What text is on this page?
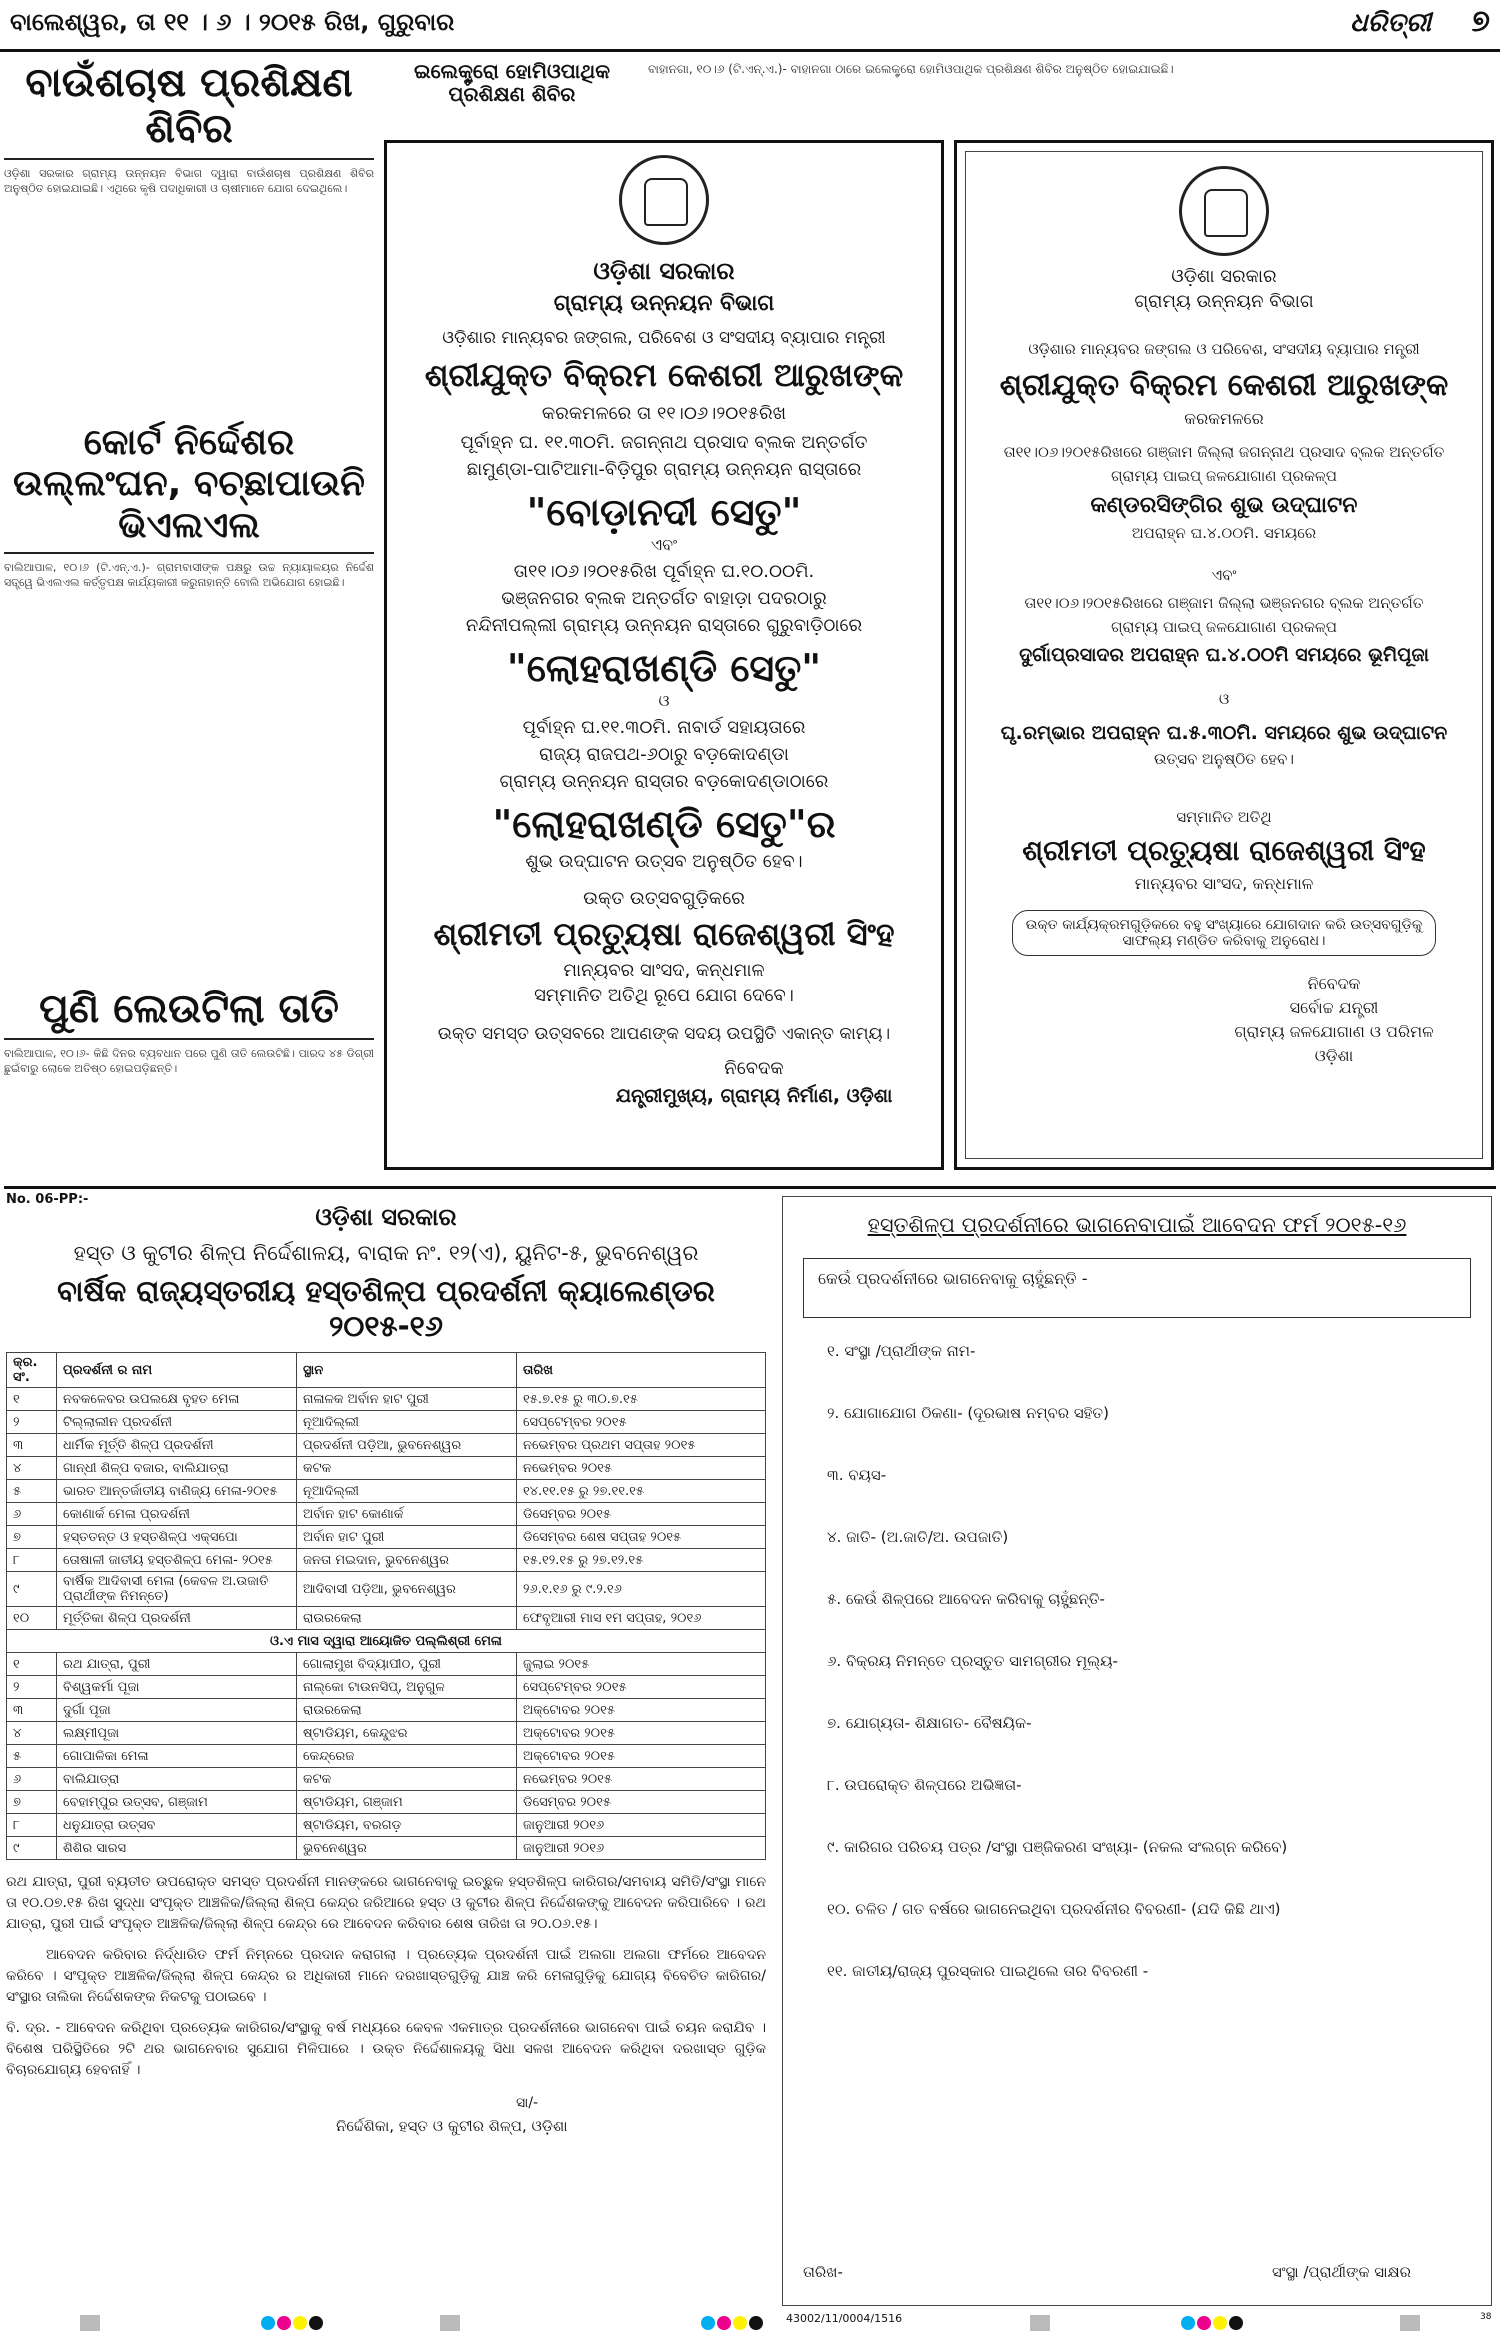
ବାଲେଶ୍ୱର, ତା ୧୧ । ୬ । ୨୦୧୫ ରିଖ, ଗୁରୁବାର	ଧରିତ୍ରୀ ୭
ବାଉଁଶଚାଷ ପ୍ରଶିକ୍ଷଣ ଶିବିର
ଓଡ଼ିଶା ସରକାର ଗ୍ରାମ୍ୟ ଉନ୍ନୟନ ବିଭାଗ ଦ୍ୱାରା ବାଉଁଶଚାଷ ପ୍ରଶିକ୍ଷଣ ଶିବିର ଅନୁଷ୍ଠିତ ହୋଇଯାଇଛି। ଏଥିରେ କୃଷି ପଦାଧିକାରୀ ଓ ଚାଷୀମାନେ ଯୋଗ ଦେଇଥିଲେ।
କୋର୍ଟ ନିର୍ଦ୍ଦେଶର ଉଲ୍ଲଂଘନ, ବଚ୍ଛାପାଉନି ଭିଏଲଏଲ
ବାଲିଆପାଳ, ୧୦।୬ (ଟି.ଏନ୍.ଏ.)- ଗ୍ରାମବାସୀଙ୍କ ପକ୍ଷରୁ ଉଚ୍ଚ ନ୍ୟାୟାଳୟର ନିର୍ଦ୍ଦେଶ ସତ୍ତ୍ୱେ ଭିଏଲଏଲ କର୍ତ୍ତୃପକ୍ଷ କାର୍ଯ୍ୟକାରୀ କରୁନାହାନ୍ତି ବୋଲି ଅଭିଯୋଗ ହୋଇଛି।
ପୁଣି ଲେଉଟିଲା ତାତି
ବାଲିଆପାଳ, ୧୦।୬- କିଛି ଦିନର ବ୍ୟବଧାନ ପରେ ପୁଣି ତାତି ଲେଉଟିଛି। ପାରଦ ୪୫ ଡିଗ୍ରୀ ଛୁଇଁବାରୁ ଲୋକେ ଅତିଷ୍ଠ ହୋଇପଡ଼ିଛନ୍ତି।
ଇଲେକ୍ଟ୍ରୋ ହୋମିଓପାଥିକ ପ୍ରଶିକ୍ଷଣ ଶିବିର
ବାହାନଗା, ୧୦।୬ (ଟି.ଏନ୍.ଏ.)- ବାହାନଗା ଠାରେ ଇଲେକ୍ଟ୍ରୋ ହୋମିଓପାଥିକ ପ୍ରଶିକ୍ଷଣ ଶିବିର ଅନୁଷ୍ଠିତ ହୋଇଯାଇଛି।
ଓଡ଼ିଶା ସରକାର
ଗ୍ରାମ୍ୟ ଉନ୍ନୟନ ବିଭାଗ
ଓଡ଼ିଶାର ମାନ୍ୟବର ଜଙ୍ଗଲ, ପରିବେଶ ଓ ସଂସଦୀୟ ବ୍ୟାପାର ମନ୍ତ୍ରୀ
ଶ୍ରୀଯୁକ୍ତ ବିକ୍ରମ କେଶରୀ ଆରୁଖଙ୍କ
କରକମଳରେ ତା ୧୧।୦୬।୨୦୧୫ରିଖ
ପୂର୍ବାହ୍ନ ଘ. ୧୧.୩୦ମି. ଜଗନ୍ନାଥ ପ୍ରସାଦ ବ୍ଲକ ଅନ୍ତର୍ଗତ
ଛାମୁଣ୍ଡା-ପାଟିଆମା-ବିଡ଼ିପୁର ଗ୍ରାମ୍ୟ ଉନ୍ନୟନ ରାସ୍ତାରେ
"ବୋଡ଼ାନଦୀ ସେତୁ"
ଏବଂ
ତା୧୧।୦୬।୨୦୧୫ରିଖ ପୂର୍ବାହ୍ନ ଘ.୧୦.୦୦ମି.
ଭଞ୍ଜନଗର ବ୍ଲକ ଅନ୍ତର୍ଗତ ବାହାଡ଼ା ପଦରଠାରୁ
ନନ୍ଦିନୀପଲ୍ଲୀ ଗ୍ରାମ୍ୟ ଉନ୍ନୟନ ରାସ୍ତାରେ ଗୁରୁବାଡ଼ିଠାରେ
"ଲୋହରାଖଣ୍ଡି ସେତୁ"
ଓ
ପୂର୍ବାହ୍ନ ଘ.୧୧.୩୦ମି. ନାବାର୍ଡ ସହାୟତାରେ
ରାଜ୍ୟ ରାଜପଥ-୬ଠାରୁ ବଡ଼କୋଦଣ୍ଡା
ଗ୍ରାମ୍ୟ ଉନ୍ନୟନ ରାସ୍ତାର ବଡ଼କୋଦଣ୍ଡାଠାରେ
"ଲୋହରାଖଣ୍ଡି ସେତୁ"ର
ଶୁଭ ଉଦ୍‌ଘାଟନ ଉତ୍ସବ ଅନୁଷ୍ଠିତ ହେବ।
ଉକ୍ତ ଉତ୍ସବଗୁଡ଼ିକରେ
ଶ୍ରୀମତୀ ପ୍ରତ୍ୟୁଷା ରାଜେଶ୍ୱରୀ ସିଂହ
ମାନ୍ୟବର ସାଂସଦ, କନ୍ଧମାଳ
ସମ୍ମାନିତ ଅତିଥି ରୂପେ ଯୋଗ ଦେବେ।
ଉକ୍ତ ସମସ୍ତ ଉତ୍ସବରେ ଆପଣଙ୍କ ସଦୟ ଉପସ୍ଥିତି ଏକାନ୍ତ କାମ୍ୟ।
ନିବେଦକ
ଯନ୍ତ୍ରୀମୁଖ୍ୟ, ଗ୍ରାମ୍ୟ ନିର୍ମାଣ, ଓଡ଼ିଶା
ଓଡ଼ିଶା ସରକାର
ଗ୍ରାମ୍ୟ ଉନ୍ନୟନ ବିଭାଗ
ଓଡ଼ିଶାର ମାନ୍ୟବର ଜଙ୍ଗଲ ଓ ପରିବେଶ, ସଂସଦୀୟ ବ୍ୟାପାର ମନ୍ତ୍ରୀ
ଶ୍ରୀଯୁକ୍ତ ବିକ୍ରମ କେଶରୀ ଆରୁଖଙ୍କ
କରକମଳରେ
ତା୧୧।୦୬।୨୦୧୫ରିଖରେ ଗଞ୍ଜାମ ଜିଲ୍ଲା ଜଗନ୍ନାଥ ପ୍ରସାଦ ବ୍ଲକ ଅନ୍ତର୍ଗତ
ଗ୍ରାମ୍ୟ ପାଇପ୍ ଜଳଯୋଗାଣ ପ୍ରକଳ୍ପ
କଣ୍ଡରସିଙ୍ଗିର ଶୁଭ ଉଦ୍‌ଘାଟନ
ଅପରାହ୍ନ ଘ.୪.୦୦ମି. ସମୟରେ
ଏବଂ
ତା୧୧।୦୬।୨୦୧୫ରିଖରେ ଗଞ୍ଜାମ ଜିଲ୍ଲା ଭଞ୍ଜନଗର ବ୍ଲକ ଅନ୍ତର୍ଗତ
ଗ୍ରାମ୍ୟ ପାଇପ୍ ଜଳଯୋଗାଣ ପ୍ରକଳ୍ପ
ଦୁର୍ଗାପ୍ରସାଦର ଅପରାହ୍ନ ଘ.୪.୦୦ମି ସମୟରେ ଭୂମିପୂଜା
ଓ
ଘୃ.ରମ୍ଭାର ଅପରାହ୍ନ ଘ.୫.୩୦ମି. ସମୟରେ ଶୁଭ ଉଦ୍‌ଘାଟନ
ଉତ୍ସବ ଅନୁଷ୍ଠିତ ହେବ।
ସମ୍ମାନିତ ଅତିଥି
ଶ୍ରୀମତୀ ପ୍ରତ୍ୟୁଷା ରାଜେଶ୍ୱରୀ ସିଂହ
ମାନ୍ୟବର ସାଂସଦ, କନ୍ଧମାଳ
ଉକ୍ତ କାର୍ଯ୍ୟକ୍ରମଗୁଡ଼ିକରେ ବହୁ ସଂଖ୍ୟାରେ ଯୋଗଦାନ କରି ଉତ୍ସବଗୁଡ଼ିକୁ ସାଫଲ୍ୟ ମଣ୍ଡିତ କରିବାକୁ ଅନୁରୋଧ।
ନିବେଦକ
ସର୍ବୋଚ୍ଚ ଯନ୍ତ୍ରୀ
ଗ୍ରାମ୍ୟ ଜଳଯୋଗାଣ ଓ ପରିମଳ
ଓଡ଼ିଶା
No. 06-PP:-
ଓଡ଼ିଶା ସରକାର
ହସ୍ତ ଓ କୁଟୀର ଶିଳ୍ପ ନିର୍ଦ୍ଦେଶାଳୟ, ବାରାକ ନଂ. ୧୨(ଏ), ୟୁନିଟ-୫, ଭୁବନେଶ୍ୱର
ବାର୍ଷିକ ରାଜ୍ୟସ୍ତରୀୟ ହସ୍ତଶିଳ୍ପ ପ୍ରଦର୍ଶନୀ କ୍ୟାଲେଣ୍ଡର ୨୦୧୫-୧୬
କ୍ର. ସଂ.	ପ୍ରଦର୍ଶନୀ ର ନାମ	ସ୍ଥାନ	ତାରିଖ
୧	ନବକଳେବର ଉପଲକ୍ଷେ ବୃହତ ମେଳା	ନାଳାଳକ ଅର୍ବାନ ହାଟ ପୁରୀ	୧୫.୭.୧୫ ରୁ ୩୦.୭.୧୫
୨	ଟିଲ୍ଲାଲୀନ ପ୍ରଦର୍ଶନୀ	ନୂଆଦିଲ୍ଲୀ	ସେପ୍ଟେମ୍ବର ୨୦୧୫
୩	ଧାର୍ମିକ ମୂର୍ତ୍ତି ଶିଳ୍ପ ପ୍ରଦର୍ଶନୀ	ପ୍ରଦର୍ଶନୀ ପଡ଼ିଆ, ଭୁବନେଶ୍ୱର	ନଭେମ୍ବର ପ୍ରଥମ ସପ୍ତାହ ୨୦୧୫
୪	ଗାନ୍ଧୀ ଶିଳ୍ପ ବଜାର, ବାଲିଯାତ୍ରା	କଟକ	ନଭେମ୍ବର ୨୦୧୫
୫	ଭାରତ ଆନ୍ତର୍ଜାତୀୟ ବାଣିଜ୍ୟ ମେଳା-୨୦୧୫	ନୂଆଦିଲ୍ଲୀ	୧୪.୧୧.୧୫ ରୁ ୨୭.୧୧.୧୫
୬	କୋଣାର୍କ ମେଳା ପ୍ରଦର୍ଶନୀ	ଅର୍ବାନ ହାଟ କୋଣାର୍କ	ଡିସେମ୍ବର ୨୦୧୫
୭	ହସ୍ତତନ୍ତ ଓ ହସ୍ତଶିଳ୍ପ ଏକ୍ସପୋ	ଅର୍ବାନ ହାଟ ପୁରୀ	ଡିସେମ୍ବର ଶେଷ ସପ୍ତାହ ୨୦୧୫
୮	ତୋଷାଳୀ ଜାତୀୟ ହସ୍ତଶିଳ୍ପ ମେଳା- ୨୦୧୫	ଜନତା ମଇଦାନ, ଭୁବନେଶ୍ୱର	୧୫.୧୨.୧୫ ରୁ ୨୭.୧୨.୧୫
୯	ବାର୍ଷିକ ଆଦିବାସୀ ମେଳା (କେବଳ ଅ.ଉଜାତି ପ୍ରାର୍ଥୀଙ୍କ ନିମନ୍ତେ)	ଆଦିବାସୀ ପଡ଼ିଆ, ଭୁବନେଶ୍ୱର	୨୬.୧.୧୬ ରୁ ୯.୨.୧୬
୧୦	ମୂର୍ତ୍ତିକା ଶିଳ୍ପ ପ୍ରଦର୍ଶନୀ	ରାଉରକେଲା	ଫେବୃଆରୀ ମାସ ୧ମ ସପ୍ତାହ, ୨୦୧୬
ଓ.ଏ ମାସ ଦ୍ୱାରା ଆୟୋଜିତ ପଲ୍ଲିଶ୍ରୀ ମେଳା			
୧	ରଥ ଯାତ୍ରା, ପୁରୀ	ଗୋଲାମୁଖ ବିଦ୍ୟାପୀଠ, ପୁରୀ	ଜୁଲାଇ ୨୦୧୫
୨	ବିଶ୍ୱକର୍ମା ପୂଜା	ନାଲ୍‌କୋ ଟାଉନସିପ୍, ଅନୁଗୁଳ	ସେପ୍ଟେମ୍ବର ୨୦୧୫
୩	ଦୁର୍ଗା ପୂଜା	ରାଉରକେଲା	ଅକ୍ଟୋବର ୨୦୧୫
୪	ଲକ୍ଷ୍ମୀପୂଜା	ଷ୍ଟାଡିୟମ, କେନ୍ଦୁଝର	ଅକ୍ଟୋବର ୨୦୧୫
୫	ଗୋପାଳିକା ମେଳା	କେନ୍ଦ୍ରେଜ	ଅକ୍ଟୋବର ୨୦୧୫
୬	ବାଲିଯାତ୍ରା	କଟକ	ନଭେମ୍ବର ୨୦୧୫
୭	ବେହାମ୍ପୁର ଉତ୍ସବ, ଗଞ୍ଜାମ	ଷ୍ଟାଡିୟମ, ଗଞ୍ଜାମ	ଡିସେମ୍ବର ୨୦୧୫
୮	ଧନୁଯାତ୍ରା ଉତ୍ସବ	ଷ୍ଟାଡିୟମ, ବରଗଡ଼	ଜାନୁଆରୀ ୨୦୧୬
୯	ଶିଶିର ସାରସ	ଭୁବନେଶ୍ୱର	ଜାନୁଆରୀ ୨୦୧୬
ରଥ ଯାତ୍ରା, ପୁରୀ ବ୍ୟତୀତ ଉପରୋକ୍ତ ସମସ୍ତ ପ୍ରଦର୍ଶନୀ ମାନଙ୍କରେ ଭାଗନେବାକୁ ଇଚ୍ଛୁକ ହସ୍ତଶିଳ୍ପ କାରିଗର/ସମବାୟ ସମିତି/ସଂସ୍ଥା ମାନେ ତା ୧୦.୦୭.୧୫ ରିଖ ସୁଦ୍ଧା ସଂପୃକ୍ତ ଆଞ୍ଚଳିକ/ଜିଲ୍ଲା ଶିଳ୍ପ କେନ୍ଦ୍ର ଜରିଆରେ ହସ୍ତ ଓ କୁଟୀର ଶିଳ୍ପ ନିର୍ଦ୍ଦେଶକଙ୍କୁ ଆବେଦନ କରିପାରିବେ । ରଥ ଯାତ୍ରା, ପୁରୀ ପାଇଁ ସଂପୃକ୍ତ ଆଞ୍ଚଳିକ/ଜିଲ୍ଲା ଶିଳ୍ପ କେନ୍ଦ୍ର ରେ ଆବେଦନ କରିବାର ଶେଷ ତାରିଖ ତା ୨୦.୦୬.୧୫।
ଆବେଦନ କରିବାର ନିର୍ଦ୍ଧାରିତ ଫର୍ମ ନିମ୍ନରେ ପ୍ରଦାନ କରାଗଲା । ପ୍ରତ୍ୟେକ ପ୍ରଦର୍ଶନୀ ପାଇଁ ଅଲଗା ଅଲଗା ଫର୍ମରେ ଆବେଦନ କରିବେ । ସଂପୃକ୍ତ ଆଞ୍ଚଳିକ/ଜିଲ୍ଲା ଶିଳ୍ପ କେନ୍ଦ୍ର ର ଅଧିକାରୀ ମାନେ ଦରଖାସ୍ତଗୁଡ଼ିକୁ ଯାଞ୍ଚ କରି ମେଳାଗୁଡ଼ିକୁ ଯୋଗ୍ୟ ବିବେଚିତ କାରିଗର/ ସଂସ୍ଥାର ତାଲିକା ନିର୍ଦ୍ଦେଶକଙ୍କ ନିକଟକୁ ପଠାଇବେ ।
ବି. ଦ୍ର. - ଆବେଦନ କରିଥିବା ପ୍ରତ୍ୟେକ କାରିଗର/ସଂସ୍ଥାକୁ ବର୍ଷ ମଧ୍ୟରେ କେବଳ ଏକମାତ୍ର ପ୍ରଦର୍ଶନୀରେ ଭାଗନେବା ପାଇଁ ଚୟନ କରାଯିବ । ବିଶେଷ ପରିସ୍ଥିତିରେ ୨ଟି ଥର ଭାଗନେବାର ସୁଯୋଗ ମିଳିପାରେ । ଉକ୍ତ ନିର୍ଦ୍ଦେଶାଳୟକୁ ସିଧା ସଳଖ ଆବେଦନ କରିଥିବା ଦରଖାସ୍ତ ଗୁଡ଼ିକ ବିଚାରଯୋଗ୍ୟ ହେବନାହିଁ ।
ସା/-
ନିର୍ଦ୍ଦେଶିକା, ହସ୍ତ ଓ କୁଟୀର ଶିଳ୍ପ, ଓଡ଼ିଶା
ହସ୍ତଶିଳ୍ପ ପ୍ରଦର୍ଶନୀରେ ଭାଗନେବାପାଇଁ ଆବେଦନ ଫର୍ମ ୨୦୧୫-୧୬
କେଉଁ ପ୍ରଦର୍ଶନୀରେ ଭାଗନେବାକୁ ଚାହୁଁଛନ୍ତି -
୧. ସଂସ୍ଥା /ପ୍ରାର୍ଥୀଙ୍କ ନାମ-
୨. ଯୋଗାଯୋଗ ଠିକଣା- (ଦୂରଭାଷ ନମ୍ବର ସହିତ)
୩. ବୟସ-
୪. ଜାତି- (ଅ.ଜାତି/ଅ. ଉପଜାତି)
୫. କେଉଁ ଶିଳ୍ପରେ ଆବେଦନ କରିବାକୁ ଚାହୁଁଛନ୍ତି-
୬. ବିକ୍ରୟ ନିମନ୍ତେ ପ୍ରସ୍ତୁତ ସାମଗ୍ରୀର ମୂଲ୍ୟ-
୭. ଯୋଗ୍ୟତା- ଶିକ୍ଷାଗତ- ବୈଷୟିକ-
୮. ଉପରୋକ୍ତ ଶିଳ୍ପରେ ଅଭିଜ୍ଞତା-
୯. କାରିଗର ପରିଚୟ ପତ୍ର /ସଂସ୍ଥା ପଞ୍ଜିକରଣ ସଂଖ୍ୟା- (ନକଲ ସଂଲଗ୍ନ କରିବେ)
୧୦. ଚଳିତ / ଗତ ବର୍ଷରେ ଭାଗନେଇଥିବା ପ୍ରଦର୍ଶନୀର ବିବରଣୀ- (ଯଦି କିଛି ଥାଏ)
୧୧. ଜାତୀୟ/ରାଜ୍ୟ ପୁରସ୍କାର ପାଇଥିଲେ ତାର ବିବରଣୀ -
ତାରିଖ-	ସଂସ୍ଥା /ପ୍ରାର୍ଥୀଙ୍କ ସାକ୍ଷର
43002/11/0004/1516	38
